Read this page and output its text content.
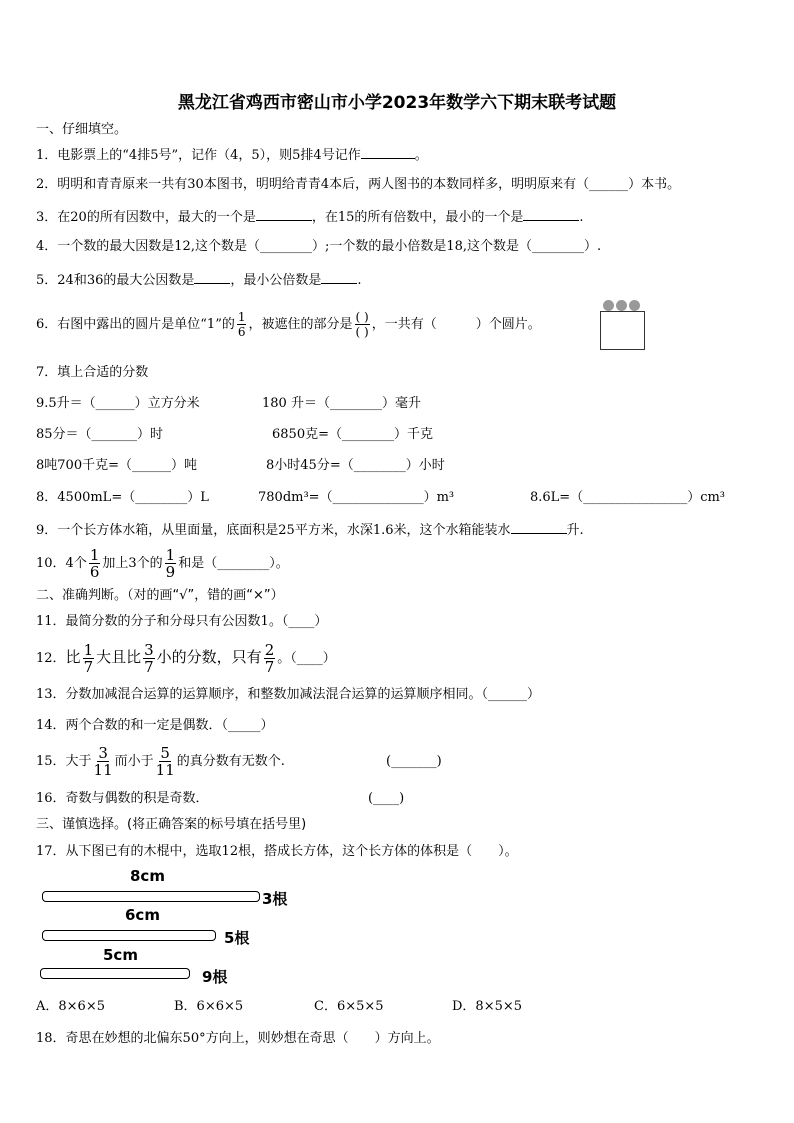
黑龙江省鸡西市密山市小学2023年数学六下期末联考试题
一、仔细填空。
1．电影票上的“4排5号”，记作（4，5），则5排4号记作	。
2．明明和青青原来一共有30本图书，明明给青青4本后，两人图书的本数同样多，明明原来有（______）本书。
3．在20的所有因数中，最大的一个是	，在15的所有倍数中，最小的一个是	.
4．一个数的最大因数是12,这个数是（________）;一个数的最小倍数是18,这个数是（________）.
5．24和36的最大公因数是	，最小公倍数是	.
6．右图中露出的圆片是单位“1”的 $\frac{1}{6}$ ，被遮住的部分是 $\frac{( )}{( )}$ ，一共有（　　　）个圆片。
7．填上合适的分数
9.5升＝（______）立方分米	180 升＝（________）毫升
85分＝（_______）时	6850克=（________）千克
8吨700千克=（______）吨	8小时45分=（________）小时
8．4500mL=（________）L	780dm³=（______________）m³	8.6L=（________________）cm³
9．一个长方体水箱，从里面量，底面积是25平方米，水深1.6米，这个水箱能装水	升.
10．4个 $\frac{1}{6}$ 加上3个的 $\frac{1}{9}$ 和是（________）。
二、准确判断。（对的画“√”，错的画“×”）
11．最简分数的分子和分母只有公因数1。（____）
12．比 $\frac{1}{7}$ 大且比 $\frac{3}{7}$ 小的分数，只有 $\frac{2}{7}$ 。（____）
13．分数加减混合运算的运算顺序，和整数加减法混合运算的运算顺序相同。（______）
14．两个合数的和一定是偶数．（_____）
15．大于 $\frac{3}{11}$ 而小于 $\frac{5}{11}$ 的真分数有无数个.	(_______)
16．奇数与偶数的积是奇数．	(____)
三、谨慎选择。(将正确答案的标号填在括号里)
17．从下图已有的木棍中，选取12根，搭成长方体，这个长方体的体积是（　　）。
8cm
3根
6cm
5根
5cm
9根
A．8×6×5	B．6×6×5	C．6×5×5	D．8×5×5
18．奇思在妙想的北偏东50°方向上，则妙想在奇思（　　）方向上。
